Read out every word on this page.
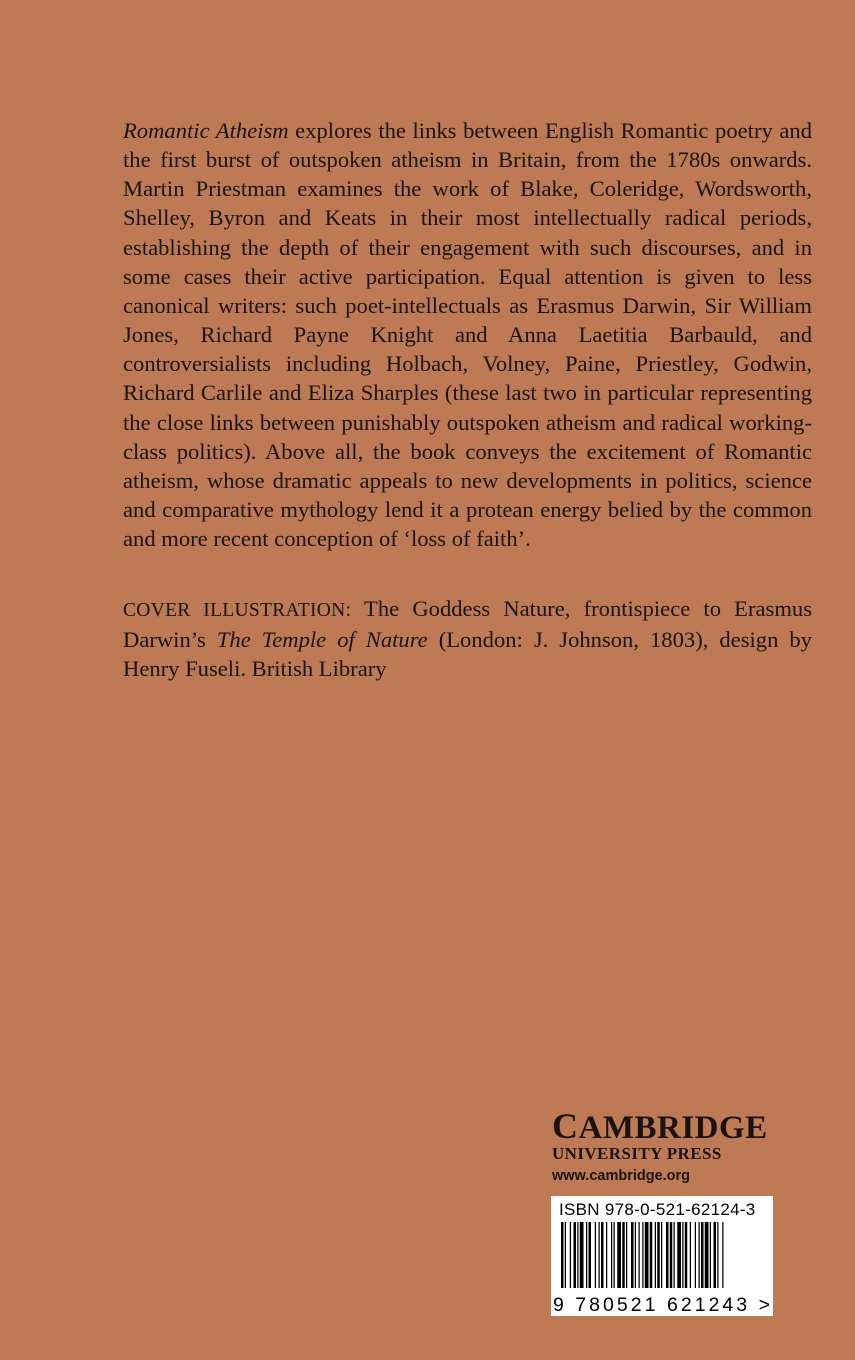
Romantic Atheism explores the links between English Romantic poetry and the first burst of outspoken atheism in Britain, from the 1780s onwards. Martin Priestman examines the work of Blake, Coleridge, Wordsworth, Shelley, Byron and Keats in their most intellectually radical periods, establishing the depth of their engagement with such discourses, and in some cases their active participation. Equal attention is given to less canonical writers: such poet-intellectuals as Erasmus Darwin, Sir William Jones, Richard Payne Knight and Anna Laetitia Barbauld, and controversialists including Holbach, Volney, Paine, Priestley, Godwin, Richard Carlile and Eliza Sharples (these last two in particular representing the close links between punishably outspoken atheism and radical working-class politics). Above all, the book conveys the excitement of Romantic atheism, whose dramatic appeals to new developments in politics, science and comparative mythology lend it a protean energy belied by the common and more recent conception of ‘loss of faith’.

COVER ILLUSTRATION: The Goddess Nature, frontispiece to Erasmus Darwin’s The Temple of Nature (London: J. Johnson, 1803), design by Henry Fuseli. British Library

CAMBRIDGE
UNIVERSITY PRESS
www.cambridge.org
9 780521 621243 >
ISBN 978-0-521-62124-3
